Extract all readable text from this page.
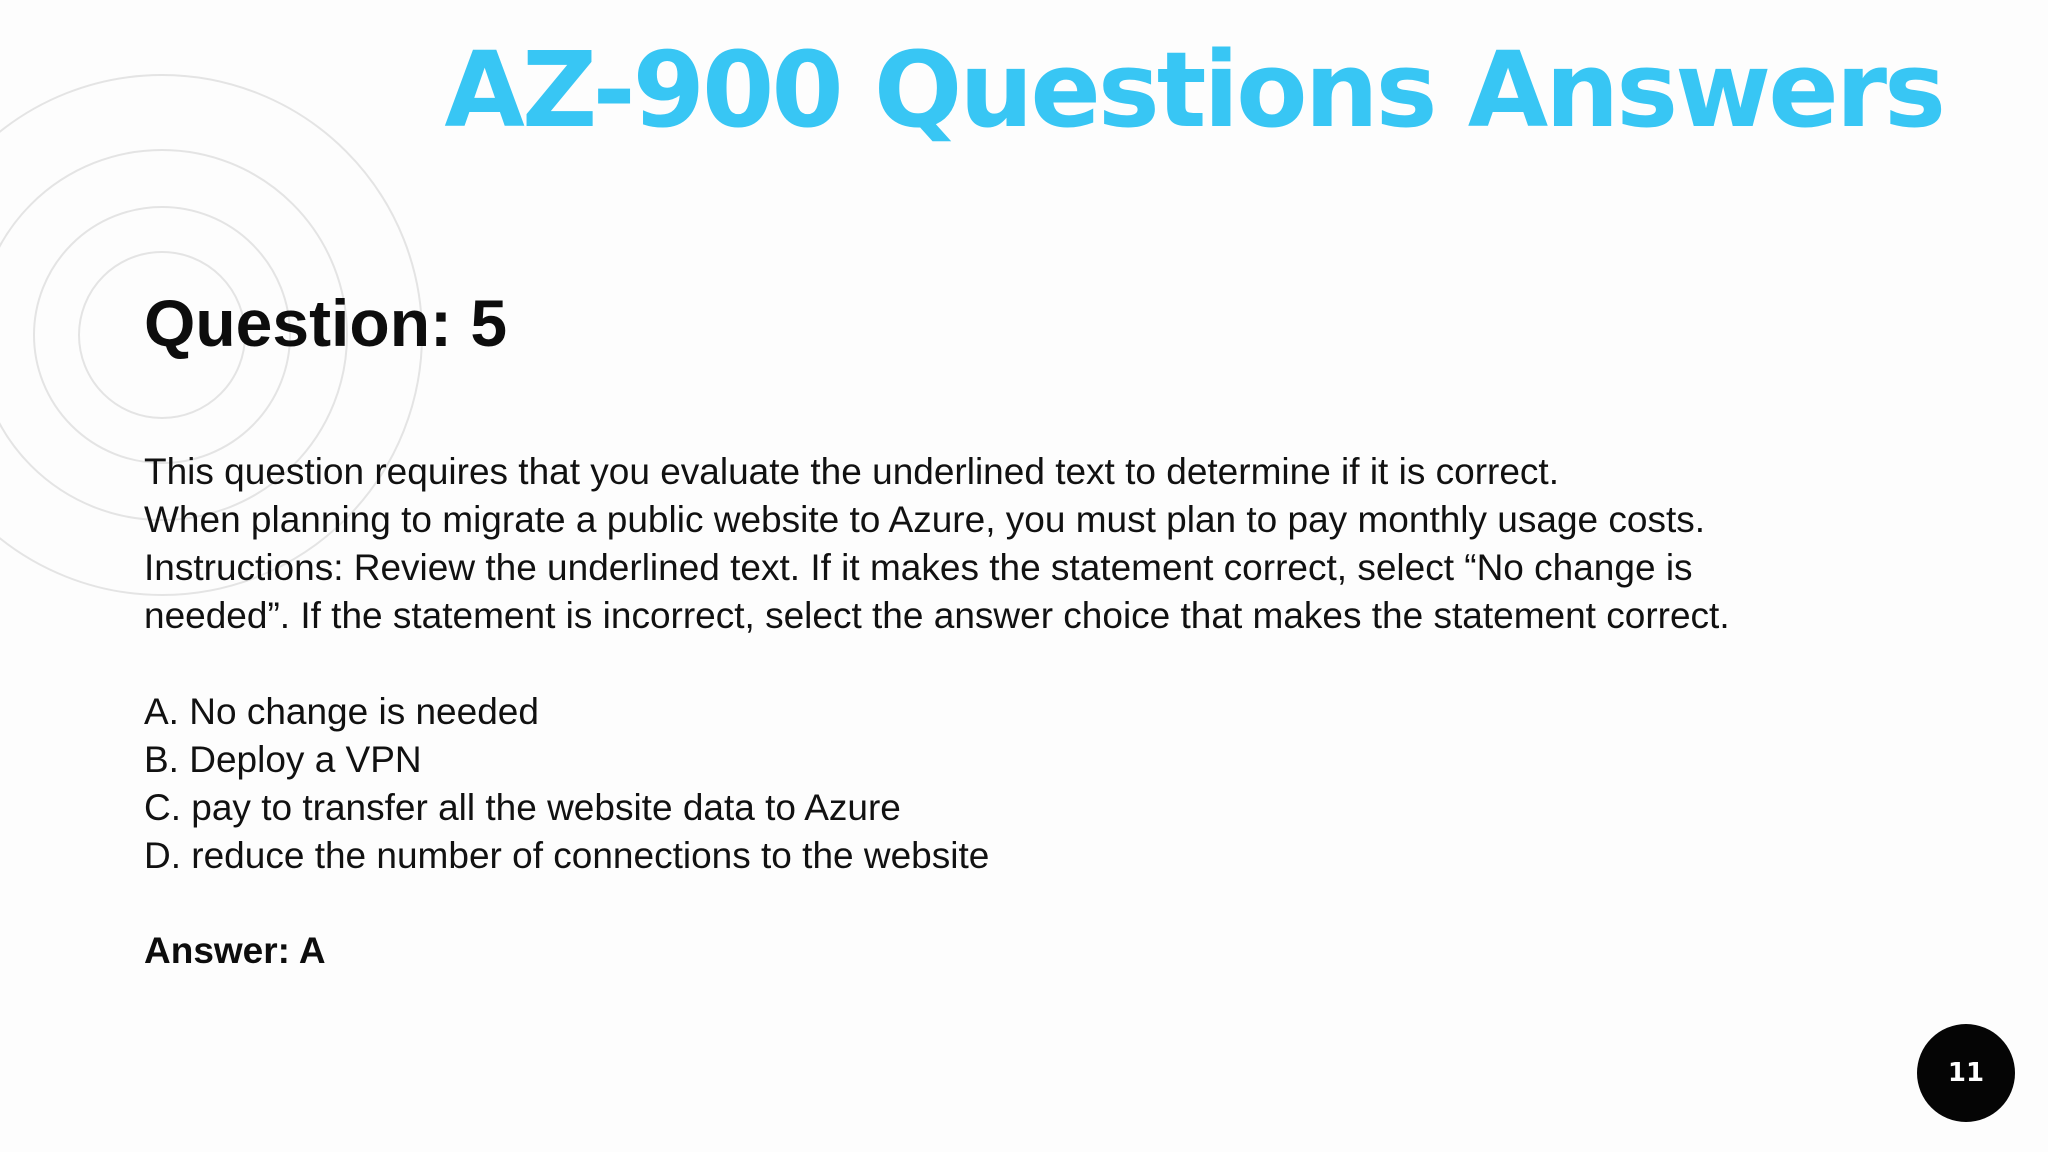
AZ-900 Questions Answers
Question: 5

This question requires that you evaluate the underlined text to determine if it is correct.

When planning to migrate a public website to Azure, you must plan to pay monthly usage costs.

Instructions: Review the underlined text. If it makes the statement correct, select “No change is

needed”. If the statement is incorrect, select the answer choice that makes the statement correct.

A. No change is needed
B. Deploy a VPN
C. pay to transfer all the website data to Azure
D. reduce the number of connections to the website
Answer: A
11
